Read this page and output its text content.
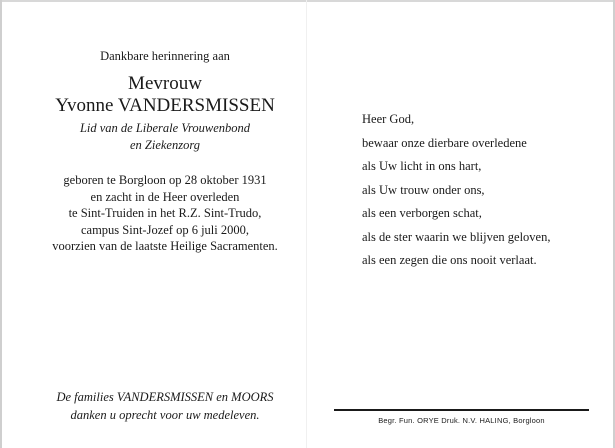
Dankbare herinnering aan
Mevrouw
Yvonne VANDERSMISSEN
Lid van de Liberale Vrouwenbond
en Ziekenzorg
geboren te Borgloon op 28 oktober 1931
en zacht in de Heer overleden
te Sint-Truiden in het R.Z. Sint-Trudo,
campus Sint-Jozef op 6 juli 2000,
voorzien van de laatste Heilige Sacramenten.
De families VANDERSMISSEN en MOORS
danken u oprecht voor uw medeleven.
Heer God,
bewaar onze dierbare overledene
als Uw licht in ons hart,
als Uw trouw onder ons,
als een verborgen schat,
als de ster waarin we blijven geloven,
als een zegen die ons nooit verlaat.
Begr. Fun. ORYE Druk. N.V. HALING, Borgloon
